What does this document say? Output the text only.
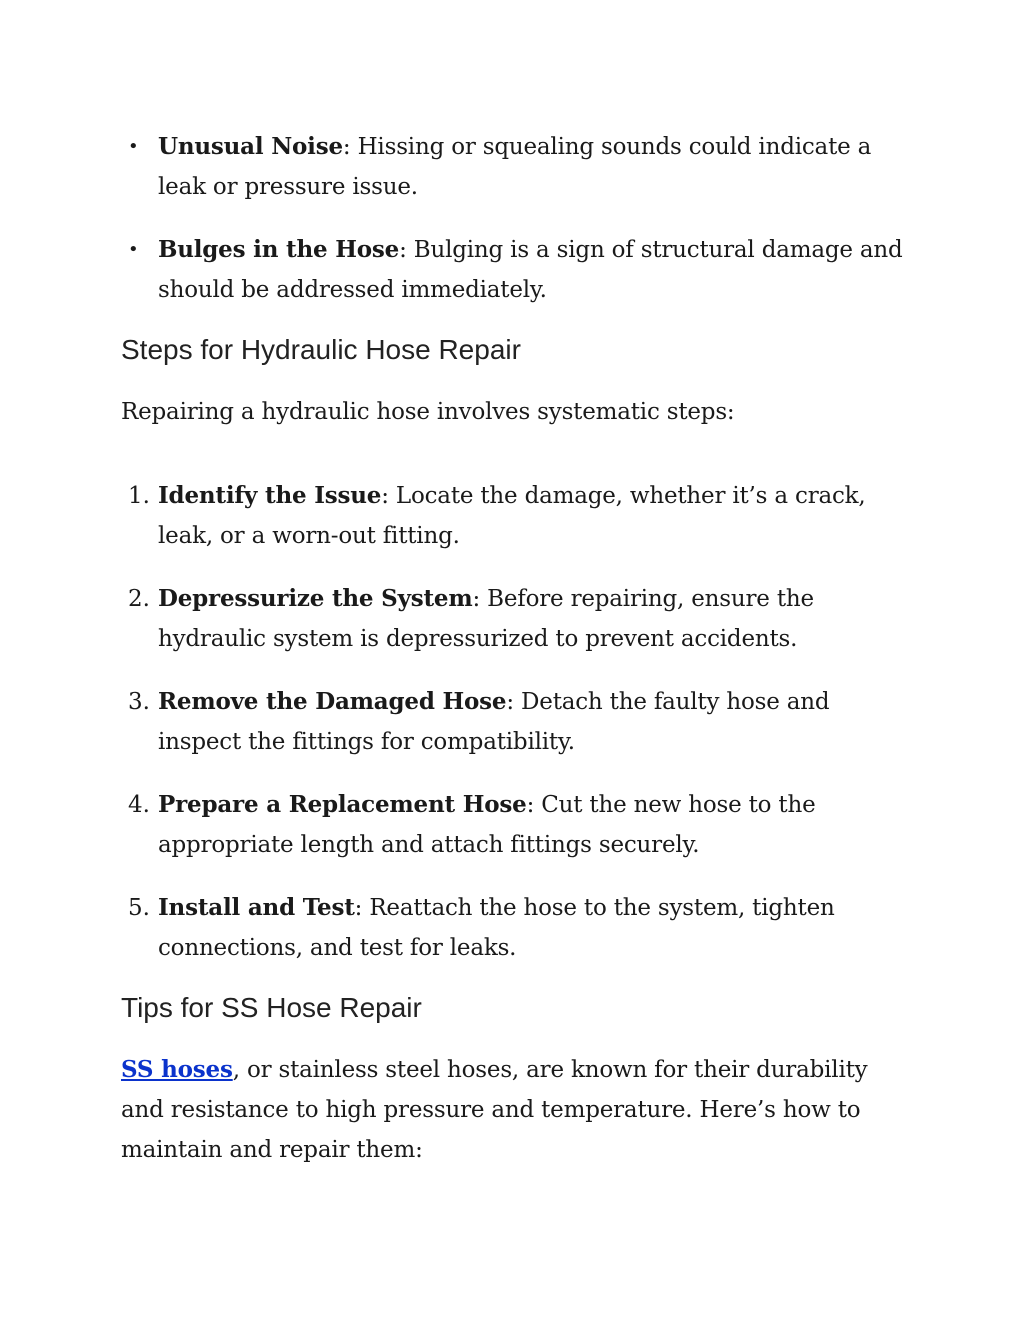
• Unusual Noise: Hissing or squealing sounds could indicate a leak or pressure issue.
• Bulges in the Hose: Bulging is a sign of structural damage and should be addressed immediately.
Steps for Hydraulic Hose Repair

Repairing a hydraulic hose involves systematic steps:

1. Identify the Issue: Locate the damage, whether it’s a crack, leak, or a worn-out fitting.
2. Depressurize the System: Before repairing, ensure the hydraulic system is depressurized to prevent accidents.
3. Remove the Damaged Hose: Detach the faulty hose and inspect the fittings for compatibility.
4. Prepare a Replacement Hose: Cut the new hose to the appropriate length and attach fittings securely.
5. Install and Test: Reattach the hose to the system, tighten connections, and test for leaks.
Tips for SS Hose Repair

SS hoses, or stainless steel hoses, are known for their durability and resistance to high pressure and temperature. Here’s how to maintain and repair them:
